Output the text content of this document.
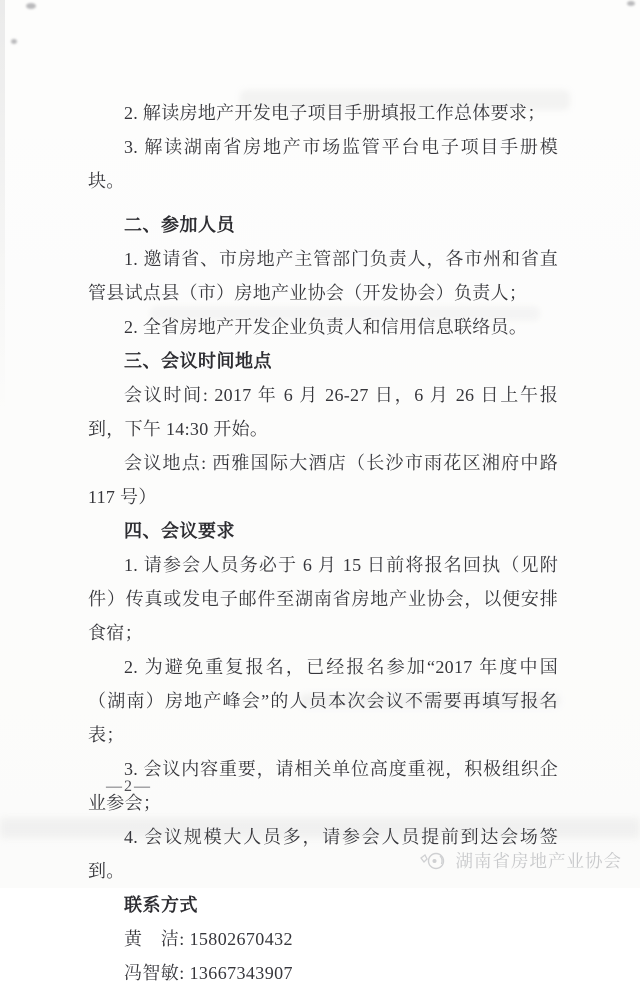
2. 解读房地产开发电子项目手册填报工作总体要求；

3. 解读湖南省房地产市场监管平台电子项目手册模块。

二、参加人员

1. 邀请省、市房地产主管部门负责人，各市州和省直管县试点县（市）房地产业协会（开发协会）负责人；

2. 全省房地产开发企业负责人和信用信息联络员。

三、会议时间地点

会议时间: 2017 年 6 月 26-27 日，6 月 26 日上午报到，下午 14:30 开始。

会议地点: 西雅国际大酒店（长沙市雨花区湘府中路 117 号）

四、会议要求

1. 请参会人员务必于 6 月 15 日前将报名回执（见附件）传真或发电子邮件至湖南省房地产业协会，以便安排食宿；

2. 为避免重复报名，已经报名参加“2017 年度中国（湖南）房地产峰会”的人员本次会议不需要再填写报名表；

3. 会议内容重要，请相关单位高度重视，积极组织企业参会；

4. 会议规模大人员多，请参会人员提前到达会场签到。

联系方式

黄　洁: 15802670432

冯智敏: 13667343907

—2—
湖南省房地产业协会
